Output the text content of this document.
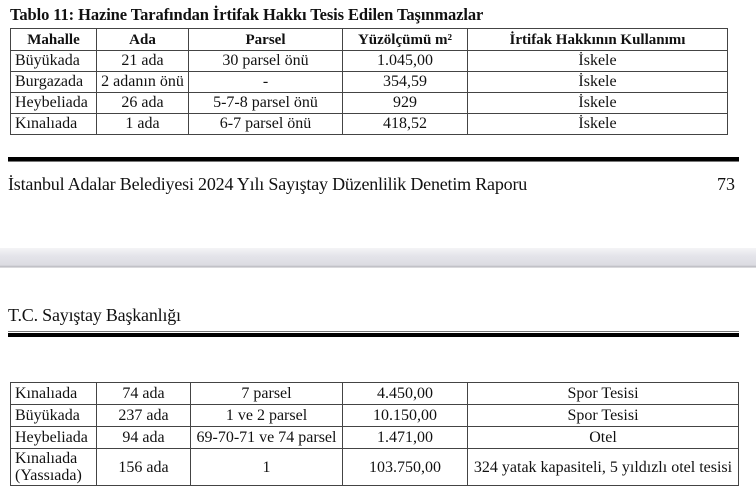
Tablo 11: Hazine Tarafından İrtifak Hakkı Tesis Edilen Taşınmazlar
Mahalle	Ada	Parsel	Yüzölçümü m²	İrtifak Hakkının Kullanımı
Büyükada	21 ada	30 parsel önü	1.045,00	İskele
Burgazada	2 adanın önü	-	354,59	İskele
Heybeliada	26 ada	5-7-8 parsel önü	929	İskele
Kınalıada	1 ada	6-7 parsel önü	418,52	İskele
İstanbul Adalar Belediyesi 2024 Yılı Sayıştay Düzenlilik Denetim Raporu	73
T.C. Sayıştay Başkanlığı
Kınalıada	74 ada	7 parsel	4.450,00	Spor Tesisi
Büyükada	237 ada	1 ve 2 parsel	10.150,00	Spor Tesisi
Heybeliada	94 ada	69-70-71 ve 74 parsel	1.471,00	Otel

Kınalıada
(Yassıada)	156 ada	1	103.750,00	324 yatak kapasiteli, 5 yıldızlı otel tesisi
